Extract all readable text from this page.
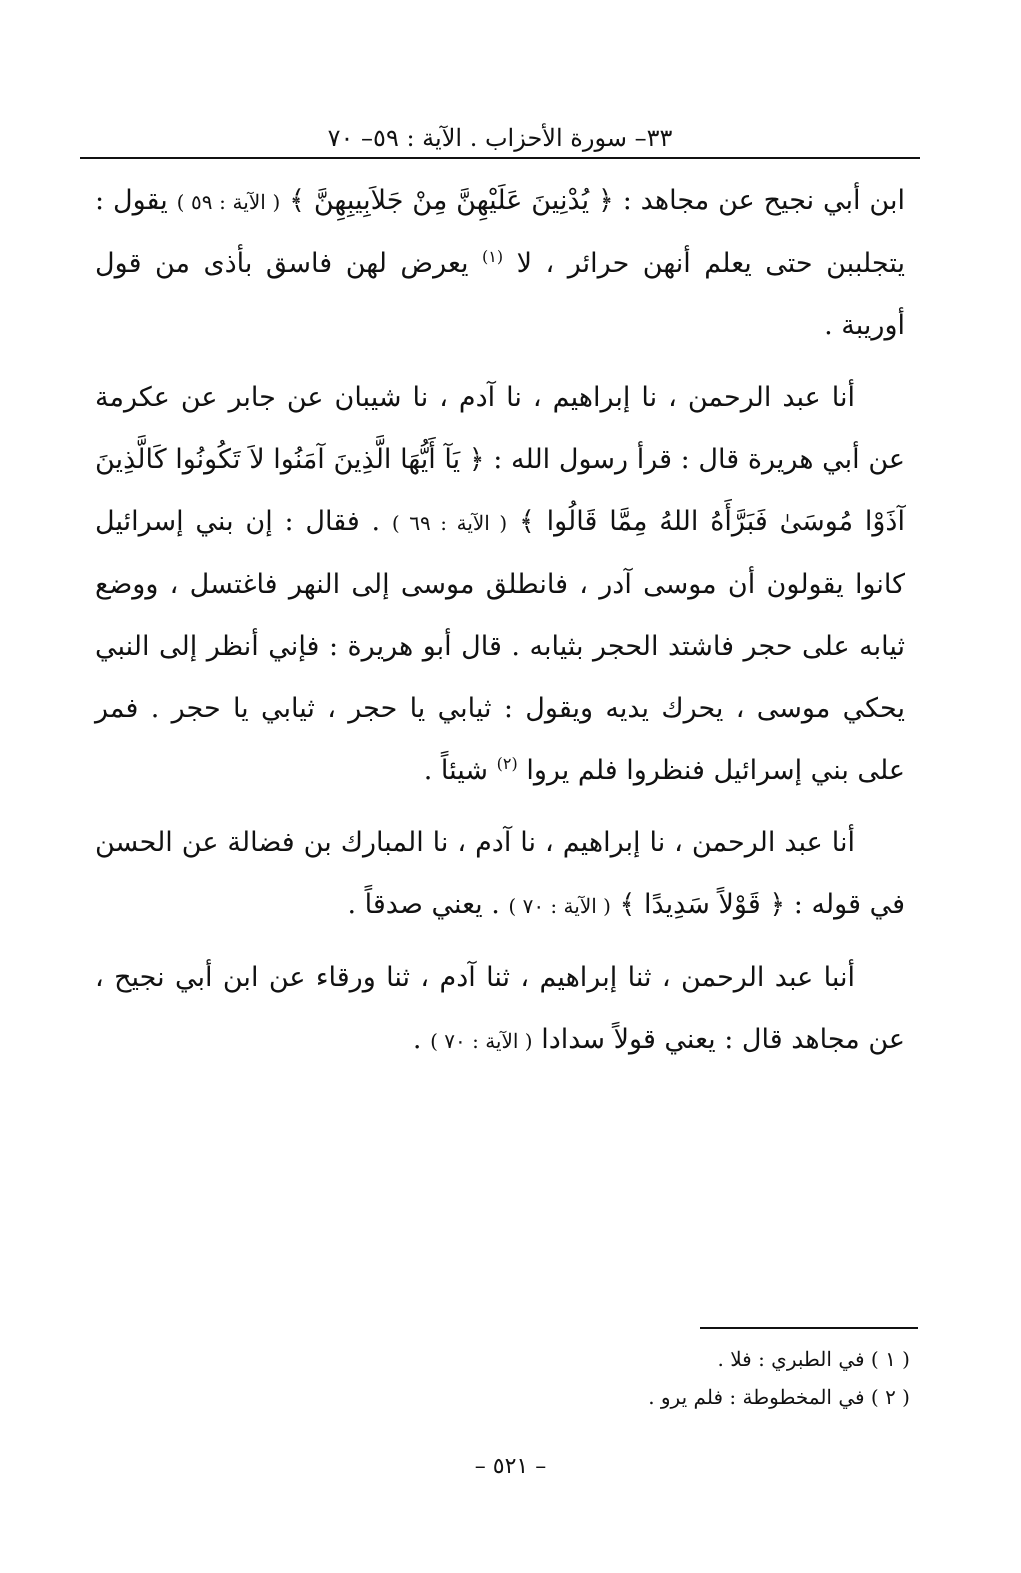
٣٣– سورة الأحزاب . الآية : ٥٩– ٧٠

ابن أبي نجيح عن مجاهد : ﴿ يُدْنِينَ عَلَيْهِنَّ مِنْ جَلاَبِيبِهِنَّ ﴾ ( الآية : ٥٩ ) يقول : يتجلببن حتى يعلم أنهن حرائر ، لا $^{(١)}$ يعرض لهن فاسق بأذى من قول أوريبة .

أنا عبد الرحمن ، نا إبراهيم ، نا آدم ، نا شيبان عن جابر عن عكرمة عن أبي هريرة قال : قرأ رسول الله : ﴿ يَآ أَيُّهَا الَّذِينَ آمَنُوا لاَ تَكُونُوا كَالَّذِينَ آذَوْا مُوسَىٰ فَبَرَّأَهُ اللهُ مِمَّا قَالُوا ﴾ ( الآية : ٦٩ ) . فقال : إن بني إسرائيل كانوا يقولون أن موسى آدر ، فانطلق موسى إلى النهر فاغتسل ، ووضع ثيابه على حجر فاشتد الحجر بثيابه . قال أبو هريرة : فإني أنظر إلى النبي يحكي موسى ، يحرك يديه ويقول : ثيابي يا حجر ، ثيابي يا حجر . فمر على بني إسرائيل فنظروا فلم يروا $^{(٢)}$ شيئاً .

أنا عبد الرحمن ، نا إبراهيم ، نا آدم ، نا المبارك بن فضالة عن الحسن في قوله : ﴿ قَوْلاً سَدِيدًا ﴾ ( الآية : ٧٠ ) . يعني صدقاً .

أنبا عبد الرحمن ، ثنا إبراهيم ، ثنا آدم ، ثنا ورقاء عن ابن أبي نجيح ، عن مجاهد قال : يعني قولاً سدادا ( الآية : ٧٠ ) .

( ١ ) في الطبري : فلا .
( ٢ ) في المخطوطة : فلم يرو .
– ٥٢١ –
